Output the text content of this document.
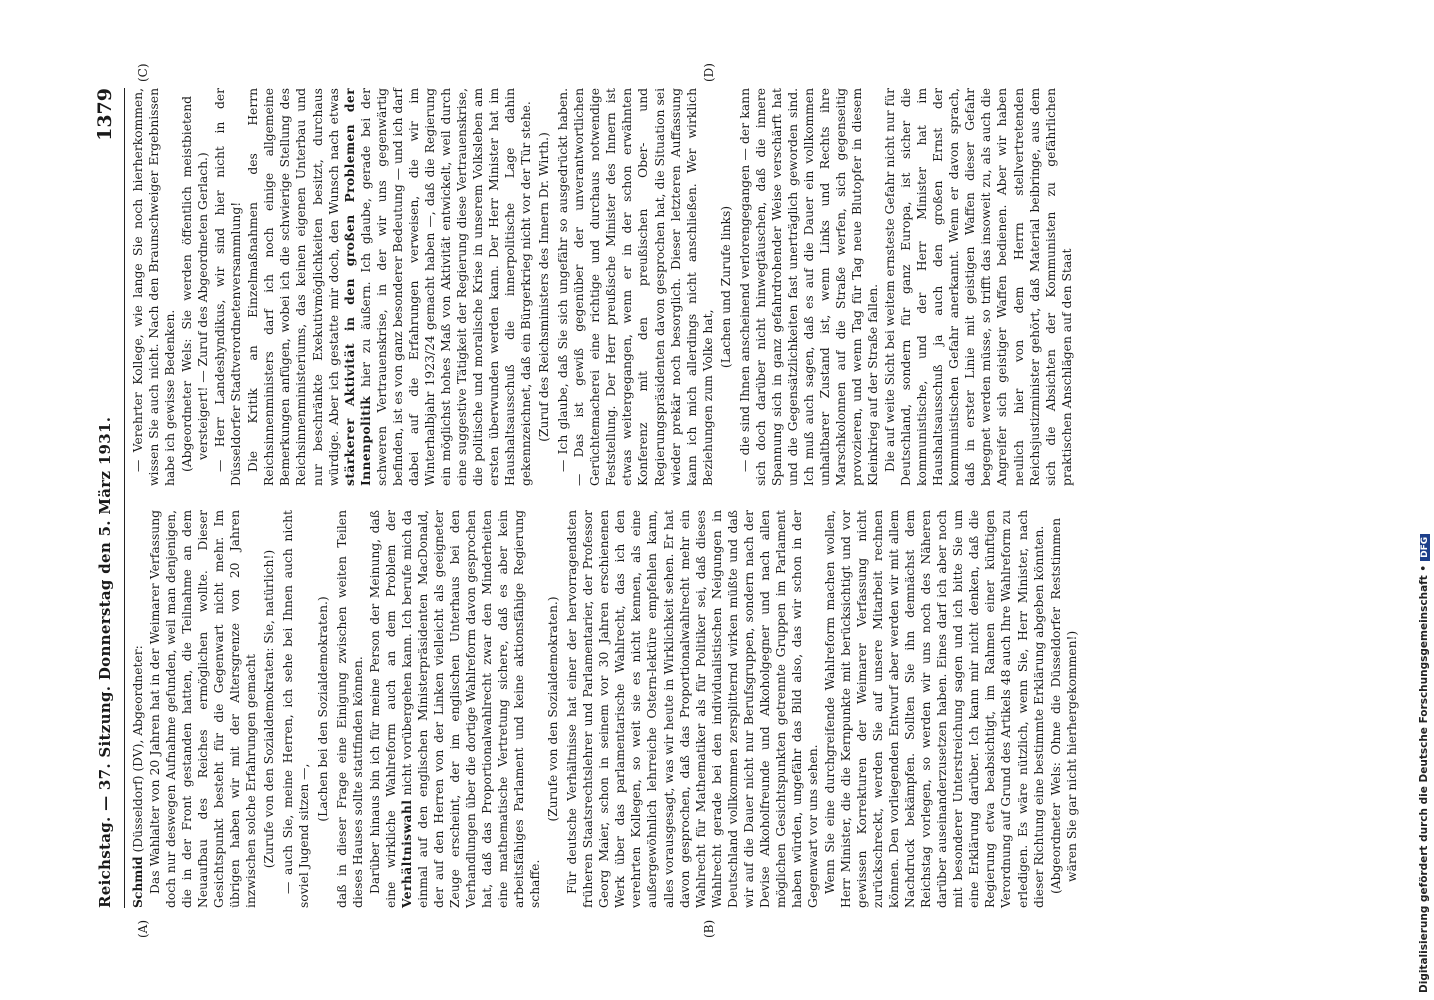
Reichstag. — 37. Sitzung. Donnerstag den 5. März 1931.
1379
(A)	(B)
(C)	(D)

Schmid (Düsseldorf) (DV), Abgeordneter: Das Wahlalter von 20 Jahren hat in der Weimarer Verfassung doch nur deswegen Aufnahme gefunden, weil man denjenigen, die in der Front gestanden hatten, die Teilnahme an dem Neuaufbau des Reiches ermöglichen wollte. Dieser Gesichtspunkt besteht für die Gegenwart nicht mehr. Im übrigen haben wir mit der Altersgrenze von 20 Jahren inzwischen solche Erfahrungen gemacht (Zurufe von den Sozialdemokraten: Sie, natürlich!) — auch Sie, meine Herren, ich sehe bei Ihnen auch nicht soviel Jugend sitzen —,

(Lachen bei den Sozialdemokraten.) daß in dieser Frage eine Einigung zwischen weiten Teilen dieses Hauses sollte stattfinden können. Darüber hinaus bin ich für meine Person der Meinung, daß eine wirkliche Wahlreform auch an dem Problem der Verhältniswahl nicht vorübergehen kann. Ich berufe mich da einmal auf den englischen Ministerpräsidenten MacDonald, der auf den Herren von der Linken vielleicht als geeigneter Zeuge erscheint, der im englischen Unterhaus bei den Verhandlungen über die dortige Wahlreform davon gesprochen hat, daß das Proportionalwahlrecht zwar den Minderheiten eine mathematische Vertretung sichere, daß es aber kein arbeitsfähiges Parlament und keine aktionsfähige Regierung schaffe.

(Zurufe von den Sozialdemokraten.) Für deutsche Verhältnisse hat einer der hervorragendsten früheren Staatsrechtslehrer und Parlamentarier, der Professor Georg Maier, schon in seinem vor 30 Jahren erschienenen Werk über das parlamentarische Wahlrecht, das ich den verehrten Kollegen, so weit sie es nicht kennen, als eine außergewöhnlich lehrreiche Ostern-lektüre empfehlen kann, alles vorausgesagt, was wir heute in Wirklichkeit sehen. Er hat davon gesprochen, daß das Proportionalwahlrecht mehr ein Wahlrecht für Mathematiker als für Politiker sei, daß dieses Wahlrecht gerade bei den individualistischen Neigungen in Deutschland vollkommen zersplitternd wirken müßte und daß wir auf die Dauer nicht nur Berufsgruppen, sondern nach der Devise Alkoholfreunde und Alkoholgegner und nach allen möglichen Gesichtspunkten getrennte Gruppen im Parlament haben würden, ungefähr das Bild also, das wir schon in der Gegenwart vor uns sehen. Wenn Sie eine durchgreifende Wahlreform machen wollen, Herr Minister, die die Kernpunkte mit berücksichtigt und vor gewissen Korrekturen der Weimarer Verfassung nicht zurückschreckt, werden Sie auf unsere Mitarbeit rechnen können. Den vorliegenden Entwurf aber werden wir mit allem Nachdruck bekämpfen. Sollten Sie ihn demnächst dem Reichstag vorlegen, so werden wir uns noch des Näheren darüber auseinanderzusetzen haben. Eines darf ich aber noch mit besonderer Unterstreichung sagen und ich bitte Sie um eine Erklärung darüber. Ich kann mir nicht denken, daß die Regierung etwa beabsichtigt, im Rahmen einer künftigen Verordnung auf Grund des Artikels 48 auch Ihre Wahlreform zu erledigen. Es wäre nützlich, wenn Sie, Herr Minister, nach dieser Richtung eine bestimmte Erklärung abgeben könnten. (Abgeordneter Wels: Ohne die Düsseldorfer Reststimmen wären Sie gar nicht hierhergekommen!)

— Verehrter Kollege, wie lange Sie noch hierherkommen, wissen Sie auch nicht. Nach den Braunschweiger Ergebnissen habe ich gewisse Bedenken. (Abgeordneter Wels: Sie werden öffentlich meistbietend versteigert! — Zuruf des Abgeordneten Gerlach.) — Herr Landeshyndikus, wir sind hier nicht in der Düsseldorfer Stadtverordnetenversammlung! Die Kritik an Einzelmaßnahmen des Herrn Reichsinnenministers darf ich noch einige allgemeine Bemerkungen anfügen, wobei ich die schwierige Stellung des Reichsinnenministeriums, das keinen eigenen Unterbau und nur beschränkte Exekutivmöglichkeiten besitzt, durchaus würdige. Aber ich gestatte mir doch, den Wunsch nach etwas stärkerer Aktivität in den großen Problemen der Innenpolitik hier zu äußern. Ich glaube, gerade bei der schweren Vertrauenskrise, in der wir uns gegenwärtig befinden, ist es von ganz besonderer Bedeutung — und ich darf dabei auf die Erfahrungen verweisen, die wir im Winterhalbjahr 1923/24 gemacht haben —, daß die Regierung ein möglichst hohes Maß von Aktivität entwickelt, weil durch eine suggestive Tätigkeit der Regierung diese Vertrauenskrise, die politische und moralische Krise in unserem Volksleben am ersten überwunden werden kann. Der Herr Minister hat im Haushaltsausschuß die innerpolitische Lage dahin gekennzeichnet, daß ein Bürgerkrieg nicht vor der Tür stehe. (Zuruf des Reichsministers des Innern Dr. Wirth.) — Ich glaube, daß Sie sich ungefähr so ausgedrückt haben. — Das ist gewiß gegenüber der unverantwortlichen Gerüchtemacherei eine richtige und durchaus notwendige Feststellung. Der Herr preußische Minister des Innern ist etwas weitergegangen, wenn er in der schon erwähnten Konferenz mit den preußischen Ober- und Regierungspräsidenten davon gesprochen hat, die Situation sei wieder prekär noch besorglich. Dieser letzteren Auffassung kann ich mich allerdings nicht anschließen. Wer wirklich Beziehungen zum Volke hat,

(Lachen und Zurufe links) — die sind Ihnen anscheinend verlorengegangen — der kann sich doch darüber nicht hinwegtäuschen, daß die innere Spannung sich in ganz gefahrdrohender Weise verschärft hat und die Gegensätzlichkeiten fast unerträglich geworden sind. Ich muß auch sagen, daß es auf die Dauer ein vollkommen unhaltbarer Zustand ist, wenn Links und Rechts ihre Marschkolonnen auf die Straße werfen, sich gegenseitig provozieren, und wenn Tag für Tag neue Blutopfer in diesem Kleinkrieg auf der Straße fallen. Die auf weite Sicht bei weitem ernsteste Gefahr nicht nur für Deutschland, sondern für ganz Europa, ist sicher die kommunistische, und der Herr Minister hat im Haushaltsausschuß ja auch den großen Ernst der kommunistischen Gefahr anerkannt. Wenn er davon sprach, daß in erster Linie mit geistigen Waffen dieser Gefahr begegnet werden müsse, so trifft das insoweit zu, als auch die Angreifer sich geistiger Waffen bedienen. Aber wir haben neulich hier von dem Herrn stellvertretenden Reichsjustizminister gehört, daß Material beibringe, aus dem sich die Absichten der Kommunisten zu gefährlichen praktischen Anschlägen auf den Staat

Digitalisierung gefördert durch die Deutsche Forschungsgemeinschaft •DFG
